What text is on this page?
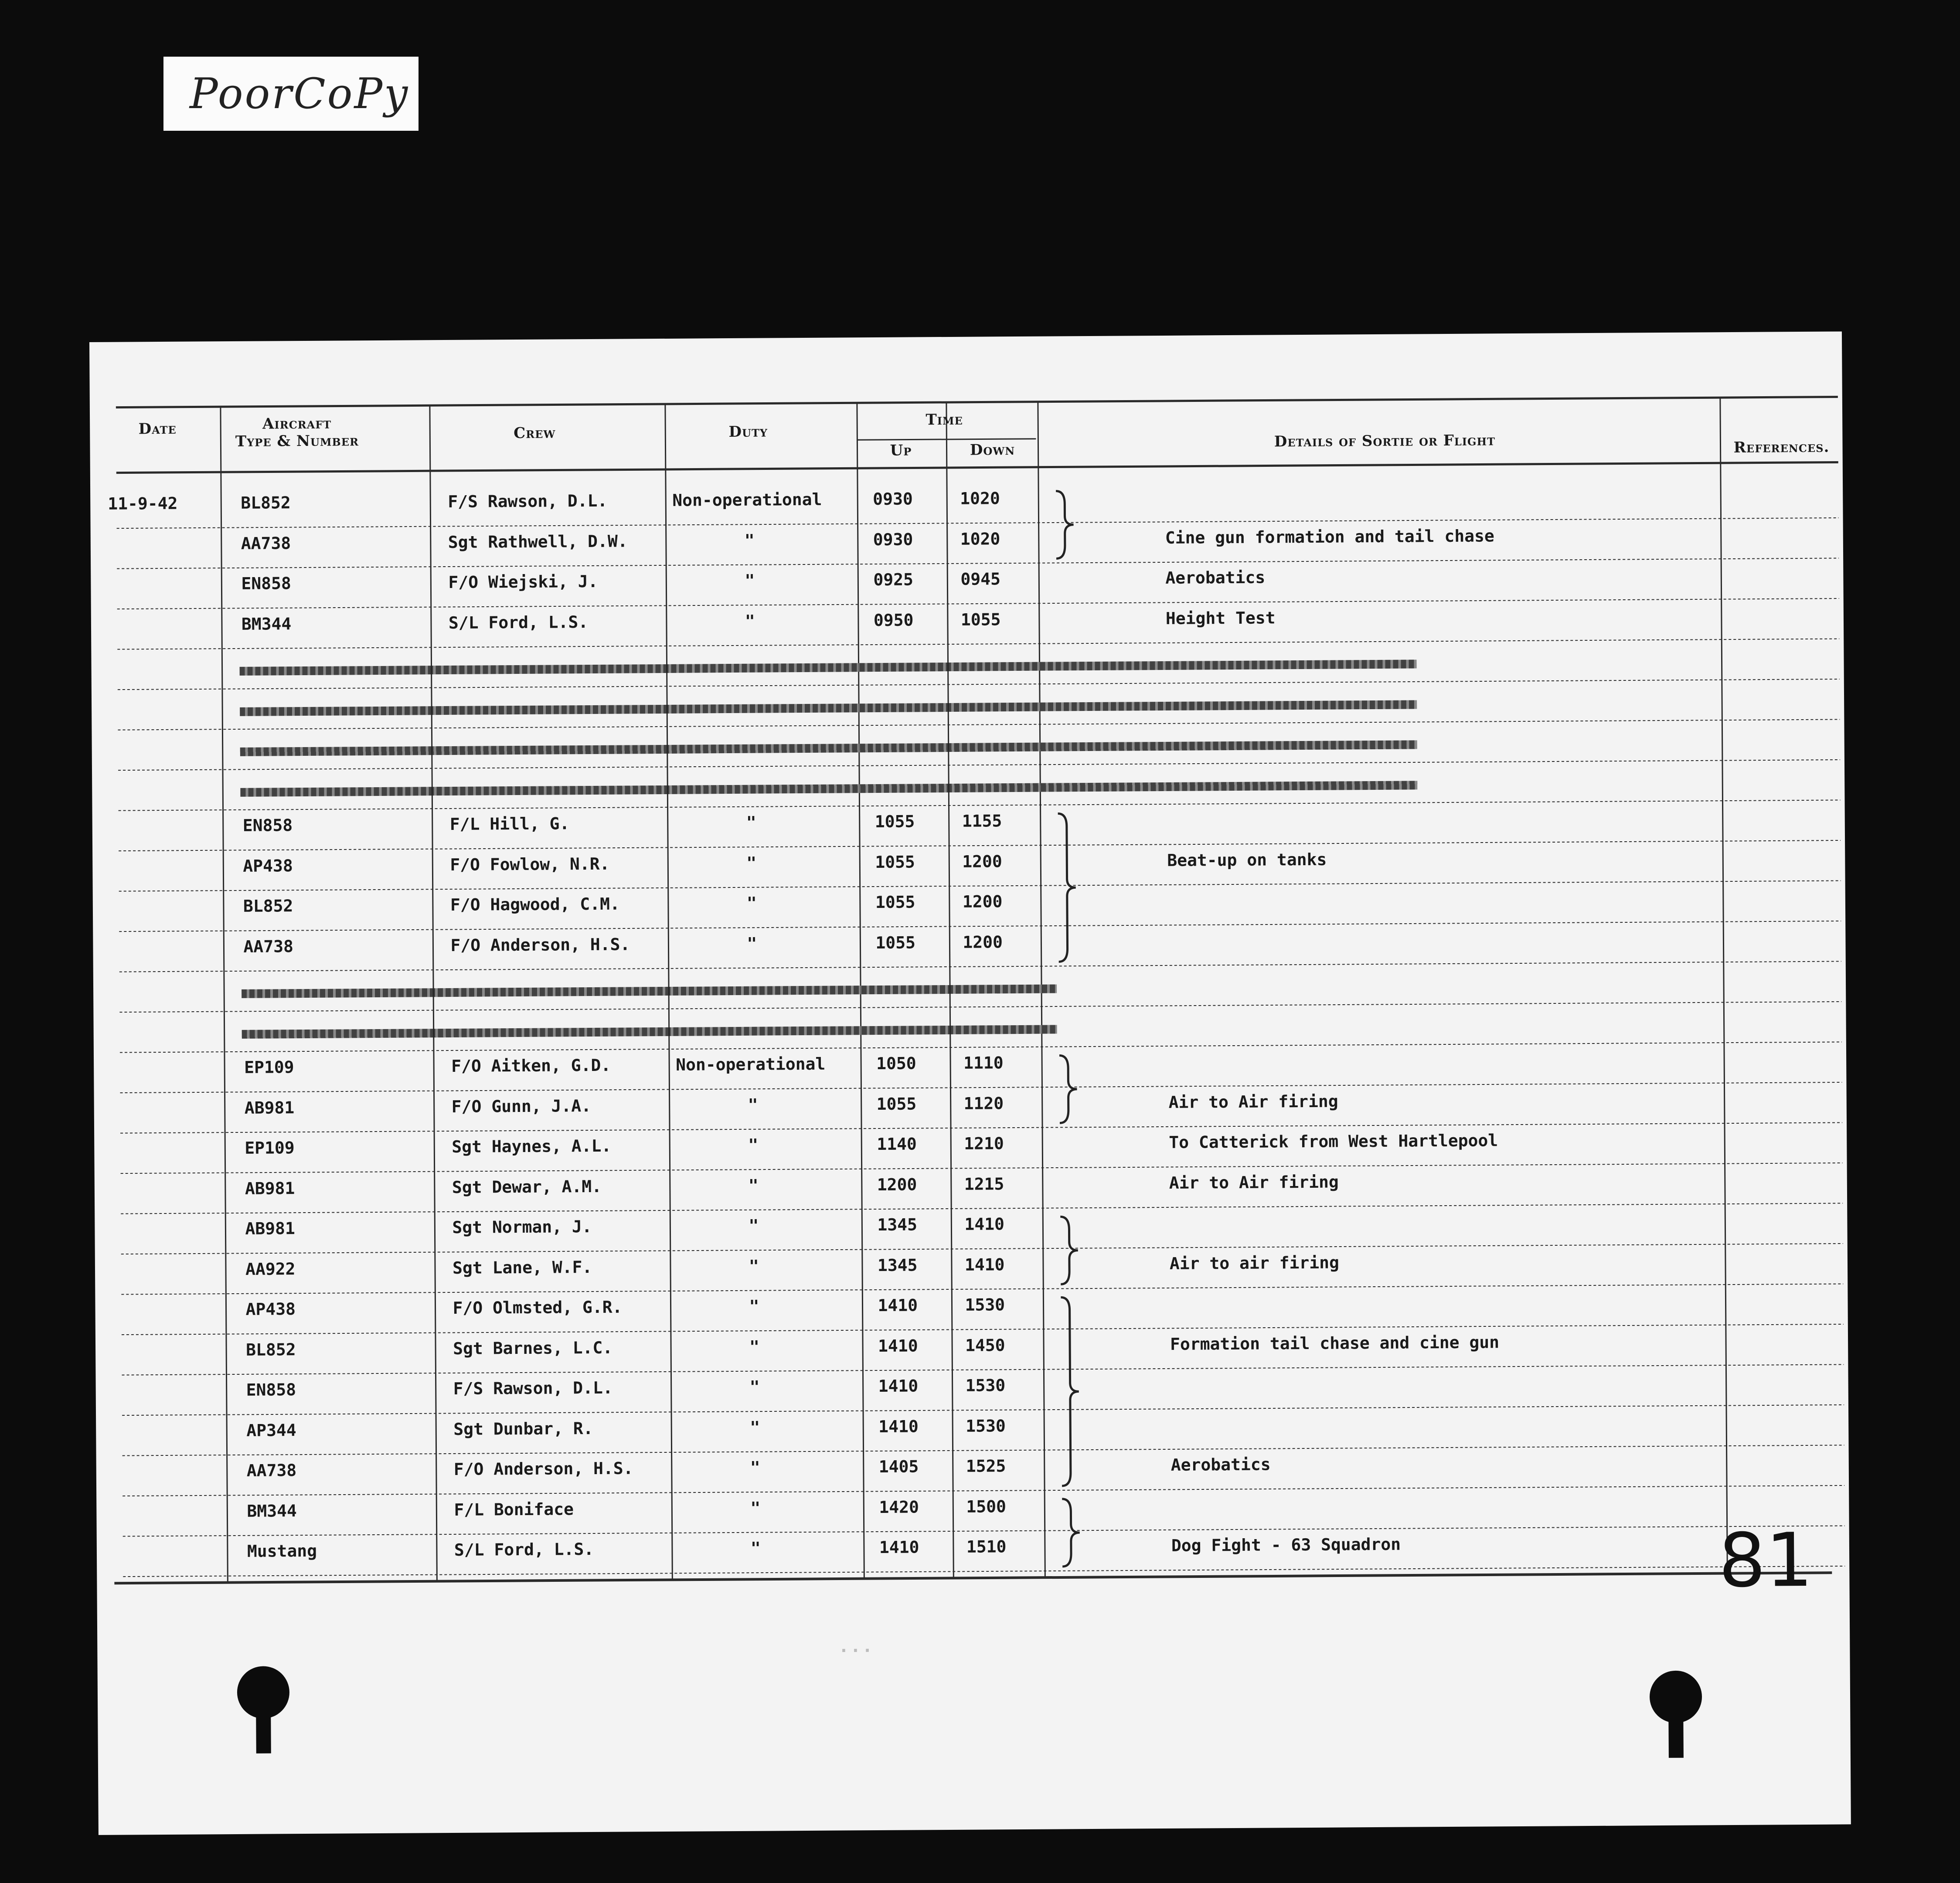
PoorCoPy
Date	Aircraft
Type & Number	Crew	Duty
Time
Up	Down	Details of Sortie or Flight	References.
11-9-42	BL852	F/S Rawson, D.L.	Non-operational	0930	1020
AA738	Sgt Rathwell, D.W.	"	0930	1020	Cine gun formation and tail chase
EN858	F/O Wiejski, J.	"	0925	0945	Aerobatics
BM344	S/L Ford, L.S.	"	0950	1055	Height Test
EN858	F/L Hill, G.	"	1055	1155
AP438	F/O Fowlow, N.R.	"	1055	1200	Beat-up on tanks
BL852	F/O Hagwood, C.M.	"	1055	1200
AA738	F/O Anderson, H.S.	"	1055	1200
EP109	F/O Aitken, G.D.	Non-operational	1050	1110
AB981	F/O Gunn, J.A.	"	1055	1120	Air to Air firing
EP109	Sgt Haynes, A.L.	"	1140	1210	To Catterick from West Hartlepool
AB981	Sgt Dewar, A.M.	"	1200	1215	Air to Air firing
AB981	Sgt Norman, J.	"	1345	1410
AA922	Sgt Lane, W.F.	"	1345	1410	Air to air firing
AP438	F/O Olmsted, G.R.	"	1410	1530
BL852	Sgt Barnes, L.C.	"	1410	1450	Formation tail chase and cine gun
EN858	F/S Rawson, D.L.	"	1410	1530
AP344	Sgt Dunbar, R.	"	1410	1530
AA738	F/O Anderson, H.S.	"	1405	1525	Aerobatics
BM344	F/L Boniface	"	1420	1500
Mustang	S/L Ford, L.S.	"	1410	1510	Dog Fight - 63 Squadron
···
81
